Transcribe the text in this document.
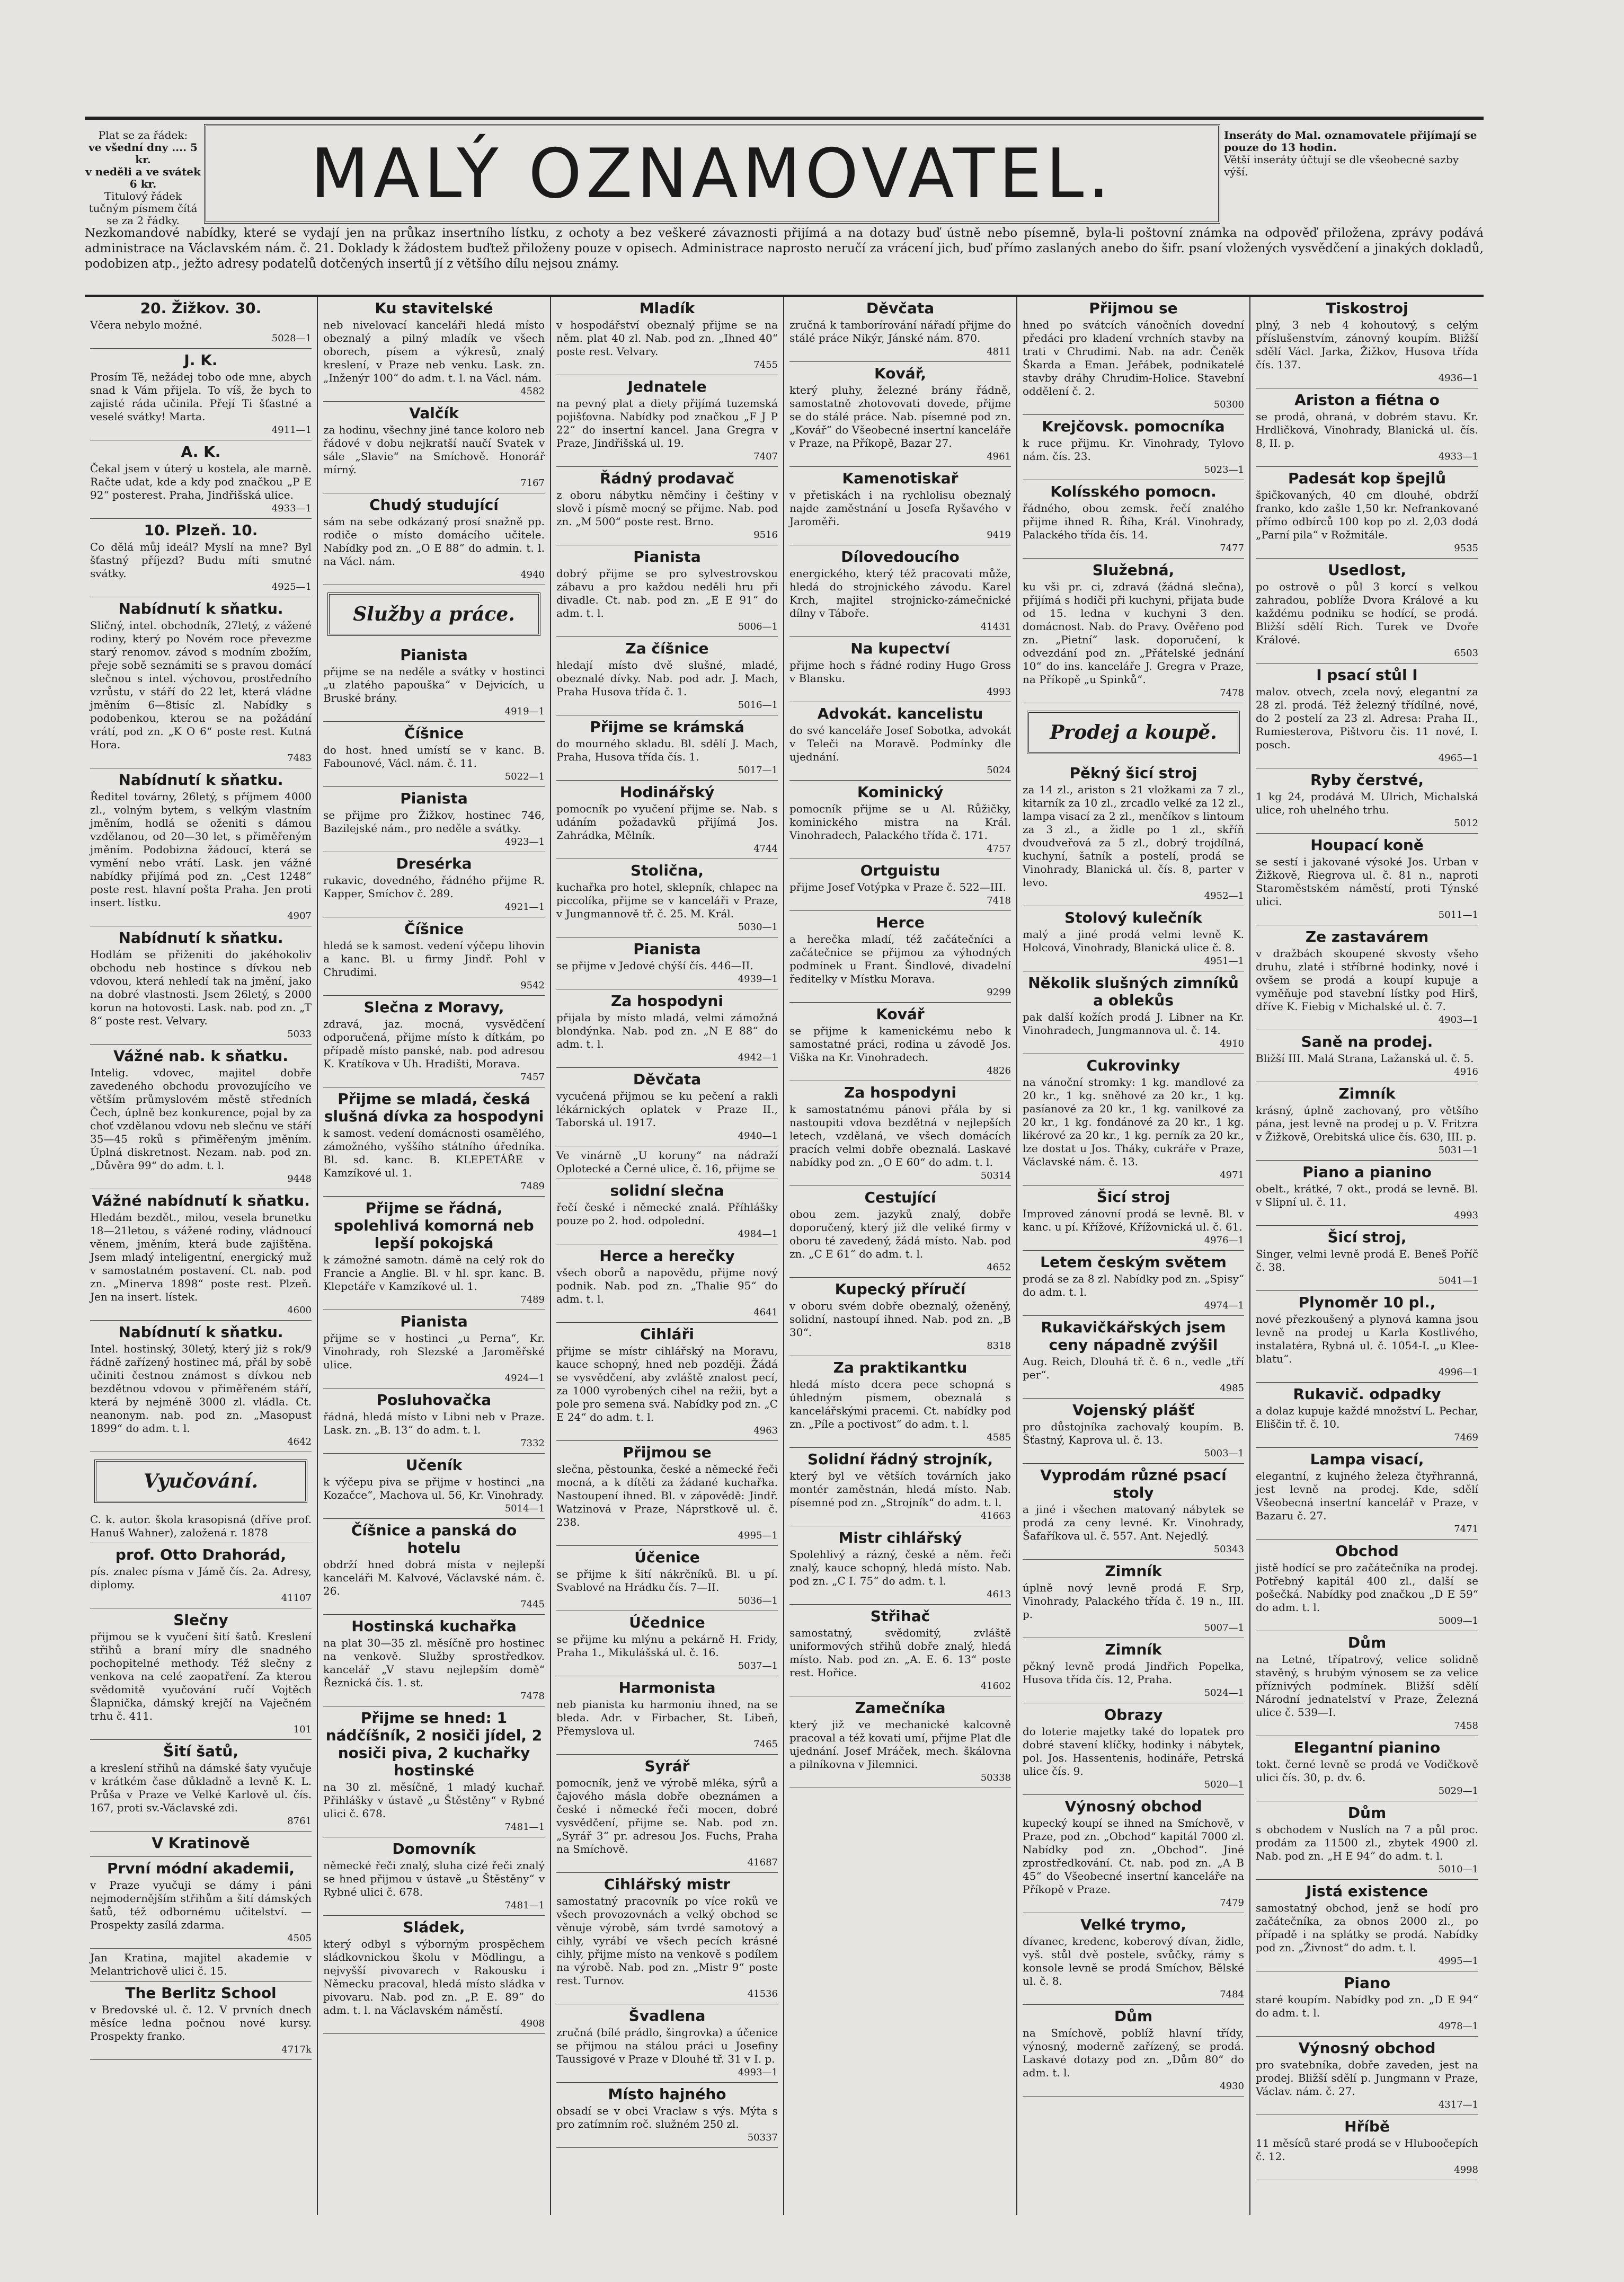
Plat se za řádek:
ve všední dny .... 5 kr.
v neděli a ve svátek 6 kr.
Titulový řádek tučným písmem čítá se za 2 řádky.
MALÝ OZNAMOVATEL.	Inseráty do Mal. oznamovatele přijímají se pouze do 13 hodin.
Větší inseráty účtují se dle všeobecné sazby výší.
Nezkomandové nabídky, které se vydají jen na průkaz insertního lístku, z ochoty a bez veškeré závaznosti přijímá a na dotazy buď ústně nebo písemně, byla-li poštovní známka na odpověď přiložena, zprávy podává administrace na Václavském nám. č. 21. Doklady k žádostem buďtež přiloženy pouze v opisech. Administrace naprosto neručí za vrácení jich, buď přímo zaslaných anebo do šifr. psaní vložených vysvědčení a jinakých dokladů, podobizen atp., ježto adresy podatelů dotčených insertů jí z většího dílu nejsou známy.
20. Žižkov. 30.

Včera nebylo možné.

5028—1
J. K.

Prosím Tě, nežádej tobo ode mne, abych snad k Vám přijela. To víš, že bych to zajisté ráda učinila. Přejí Ti šťastné a veselé svátky! Marta.

4911—1
A. K.

Čekal jsem v úterý u kostela, ale marně. Račte udat, kde a kdy pod značkou „P E 92“ posterest. Praha, Jindřišská ulice.

4933—1
10. Plzeň. 10.

Co dělá můj ideál? Myslí na mne? Byl šťastný příjezd? Budu míti smutné svátky.

4925—1
Nabídnutí k sňatku.

Sličný, intel. obchodník, 27letý, z vážené rodiny, který po Novém roce převezme starý renomov. závod s modním zbožím, přeje sobě seznámiti se s pravou domácí slečnou s intel. výchovou, prostředního vzrůstu, v stáří do 22 let, která vládne jměním 6—8tisíc zl. Nabídky s podobenkou, kterou se na požádání vrátí, pod zn. „K O 6“ poste rest. Kutná Hora.

7483
Nabídnutí k sňatku.

Ředitel továrny, 26letý, s příjmem 4000 zl., volným bytem, s velkým vlastním jměním, hodlá se oženiti s dámou vzdělanou, od 20—30 let, s přiměřeným jměním. Podobizna žádoucí, která se vymění nebo vrátí. Lask. jen vážné nabídky přijímá pod zn. „Cest 1248“ poste rest. hlavní pošta Praha. Jen proti insert. lístku.

4907
Nabídnutí k sňatku.

Hodlám se přiženiti do jakéhokoliv obchodu neb hostince s dívkou neb vdovou, která nehledí tak na jmění, jako na dobré vlastnosti. Jsem 26letý, s 2000 korun na hotovosti. Lask. nab. pod zn. „T 8“ poste rest. Velvary.

5033
Vážné nab. k sňatku.

Intelig. vdovec, majitel dobře zavedeného obchodu provozujícího ve větším průmyslovém městě středních Čech, úplně bez konkurence, pojal by za choť vzdělanou vdovu neb slečnu ve stáří 35—45 roků s přiměřeným jměním. Úplná diskretnost. Nezam. nab. pod zn. „Důvěra 99“ do adm. t. l.

9448
Vážné nabídnutí k sňatku.

Hledám bezdět., milou, vesela brunetku 18—21letou, s vážené rodiny, vládnoucí věnem, jměním, která bude zajištěna. Jsem mladý inteligentní, energický muž v samostatném postavení. Ct. nab. pod zn. „Minerva 1898“ poste rest. Plzeň. Jen na insert. lístek.

4600
Nabídnutí k sňatku.

Intel. hostinský, 30letý, který jiż s rok/9 řádně zařízený hostinec má, přál by sobě učiniti čestnou známost s dívkou neb bezdětnou vdovou v přiměřeném stáří, která by nejméně 3000 zl. vládla. Ct. neanonym. nab. pod zn. „Masopust 1899“ do adm. t. l.

4642
Vyučování.

C. k. autor. škola krasopisná (dříve prof. Hanuš Wahner), založená r. 1878

prof. Otto Drahorád,

pís. znalec písma v Jámě čís. 2a. Adresy, diplomy.

41107
Slečny

přijmou se k vyučení šití šatů. Kreslení střihů a braní míry dle snadného pochopitelné methody. Též slečny z venkova na celé zaopatření. Za kterou svědomitě vyučování ručí Vojtěch Šlapnička, dámský krejčí na Vaječném trhu č. 411.

101
Šití šatů,

a kreslení střihů na dámské šaty vyučuje v krátkém čase důkladně a levně K. L. Průša v Praze ve Velké Karlově ul. čís. 167, proti sv.-Václavské zdi.

8761
V Kratinově
První módní akademii,

v Praze vyučuji se dámy i páni nejmodernějším střihům a šití dámských šatů, též odbornému učitelství. — Prospekty zasílá zdarma.

4505

Jan Kratina, majitel akademie v Melantrichově ulici č. 15.

The Berlitz School

v Bredovské ul. č. 12. V prvních dnech měsíce ledna počnou nové kursy. Prospekty franko.

4717k
Ku stavitelské

neb nivelovací kanceláři hledá místo obeznalý a pilný mladík ve všech oborech, písem a výkresů, znalý kreslení, v Praze neb venku. Lask. zn. „Inženýr 100“ do adm. t. l. na Václ. nám.

4582
Valčík

za hodinu, všechny jiné tance koloro neb řádové v dobu nejkratší naučí Svatek v sále „Slavie“ na Smíchově. Honorář mírný.

7167
Chudý studující

sám na sebe odkázaný prosí snažně pp. rodiče o místo domácího učitele. Nabídky pod zn. „O E 88“ do admin. t. l. na Václ. nám.

4940
Služby a práce.
Pianista

přijme se na neděle a svátky v hostinci „u zlatého papouška“ v Dejvicích, u Bruské brány.

4919—1
Číšnice

do host. hned umístí se v kanc. B. Fabounové, Václ. nám. č. 11.

5022—1
Pianista

se přijme pro Žižkov, hostinec 746, Bazilejské nám., pro neděle a svátky.

4923—1
Dresérka

rukavic, dovedného, řádného přijme R. Kapper, Smíchov č. 289.

4921—1
Číšnice

hledá se k samost. vedení výčepu lihovin a kanc. Bl. u firmy Jindř. Pohl v Chrudimi.

9542
Slečna z Moravy,

zdravá, jaz. mocná, vysvědčení odporučená, přijme místo k dítkám, po případě místo panské, nab. pod adresou K. Kratíkova v Uh. Hradišti, Morava.

7457
Přijme se mladá, česká slušná dívka za hospodyni

k samost. vedení domácnosti osamělého, zámožného, vyššího státního úředníka. Bl. sd. kanc. B. KLEPETÁŘE v Kamzíkové ul. 1.

7489
Přijme se řádná, spolehlivá komorná neb lepší pokojská

k zámožné samotn. dámě na celý rok do Francie a Anglie. Bl. v hl. spr. kanc. B. Klepetáře v Kamzíkové ul. 1.

7489
Pianista

přijme se v hostinci „u Perna“, Kr. Vinohrady, roh Slezské a Jaroměřské ulice.

4924—1
Posluhovačka

řádná, hledá místo v Libni neb v Praze. Lask. zn. „B. 13“ do adm. t. l.

7332
Učeník

k výčepu piva se přijme v hostinci „na Kozačce“, Machova ul. 56, Kr. Vinohrady.

5014—1
Číšnice a panská do hotelu

obdrží hned dobrá místa v nejlepší kanceláři M. Kalvové, Václavské nám. č. 26.

7445
Hostinská kuchařka

na plat 30—35 zl. měsíčně pro hostinec na venkově. Služby sprostředkov. kancelář „V stavu nejlepším domě“ Řeznická čís. 1. st.

7478
Přijme se hned: 1 nádčíšník, 2 nosiči jídel, 2 nosiči piva, 2 kuchařky hostinské

na 30 zl. měsíčně, 1 mladý kuchař. Přihlášky v ústavě „u Štěstěny“ v Rybné ulici č. 678.

7481—1
Domovník

německé řeči znalý, sluha cizé řeči znalý se hned přijmou v ústavě „u Štěstěny“ v Rybné ulici č. 678.

7481—1
Sládek,

který odbyl s výborným prospěchem sládkovnickou školu v Mödlingu, a nejvyšší pivovarech v Rakousku i Německu pracoval, hledá místo sládka v pivovaru. Nab. pod zn. „P. E. 89“ do adm. t. l. na Václavském náměstí.

4908
Mladík

v hospodářství obeznalý přijme se na něm. plat 40 zl. Nab. pod zn. „Ihned 40“ poste rest. Velvary.

7455
Jednatele

na pevný plat a diety přijímá tuzemská pojišťovna. Nabídky pod značkou „F J P 22“ do insertní kancel. Jana Gregra v Praze, Jindřišská ul. 19.

7407
Řádný prodavač

z oboru nábytku němčiny i češtiny v slově i písmě mocný se přijme. Nab. pod zn. „M 500“ poste rest. Brno.

9516
Pianista

dobrý přijme se pro sylvestrovskou zábavu a pro každou neděli hru při divadle. Ct. nab. pod zn. „E E 91“ do adm. t. l.

5006—1
Za číšnice

hledají místo dvě slušné, mladé, obeznalé dívky. Nab. pod adr. J. Mach, Praha Husova třída č. 1.

5016—1
Přijme se krámská

do mourného skladu. Bl. sdělí J. Mach, Praha, Husova třída čís. 1.

5017—1
Hodinářský

pomocník po vyučení přijme se. Nab. s udáním požadavků přijímá Jos. Zahrádka, Mělník.

4744
Stolična,

kuchařka pro hotel, sklepník, chlapec na piccolíka, přijme se v kanceláři v Praze, v Jungmannově tř. č. 25. M. Král.

5030—1
Pianista

se přijme v Jedové chýší čís. 446—II.

4939—1
Za hospodyni

přijala by místo mladá, velmi zámožná blondýnka. Nab. pod zn. „N E 88“ do adm. t. l.

4942—1
Děvčata

vycučená přijmou se ku pečení a rakli lékárnických oplatek v Praze II., Taborská ul. 1917.

4940—1

Ve vinárně „U koruny“ na nádraží Oplotecké a Černé ulice, č. 16, přijme se

solidní slečna

řečí české i německé znalá. Příhlášky pouze po 2. hod. odpolední.

4984—1
Herce a herečky

všech oborů a napovědu, přijme nový podnik. Nab. pod zn. „Thalie 95“ do adm. t. l.

4641
Cihláři

přijme se místr cihlářský na Moravu, kauce schopný, hned neb později. Žádá se vysvědčení, aby zvláště znalost pecí, za 1000 vyrobených cihel na režii, byt a pole pro semena svá. Nabídky pod zn. „C E 24“ do adm. t. l.

4963
Přijmou se

slečna, pěstounka, české a německé řeči mocná, a k dítěti za žádané kuchařka. Nastoupení ihned. Bl. v zápovědě: Jindř. Watzinová v Praze, Náprstkově ul. č. 238.

4995—1
Účenice

se přijme k šití nákrčníků. Bl. u pí. Svablové na Hrádku čís. 7—II.

5036—1
Účednice

se přijme ku mlýnu a pekárně H. Fridy, Praha 1., Mikulášská ul. č. 16.

5037—1
Harmonista

neb pianista ku harmoniu ihned, na se bleda. Adr. v Firbacher, St. Libeň, Přemyslova ul.

7465
Syrář

pomocník, jenž ve výrobě mléka, sýrů a čajového másla dobře obeznámen a české i německé řeči mocen, dobré vysvědčení, přijme se. Nab. pod zn. „Syrář 3“ pr. adresou Jos. Fuchs, Praha na Smíchově.

41687
Cihlářský mistr

samostatný pracovník po více roků ve všech provozovnách a velký obchod se věnuje výrobě, sám tvrdé samotový a cihly, vyrábí ve všech pecích krásné cihly, přijme místo na venkově s podílem na výrobě. Nab. pod zn. „Mistr 9“ poste rest. Turnov.

41536
Švadlena

zručná (bílé prádlo, šingrovka) a účenice se přijmou na stálou práci u Josefiny Taussigové v Praze v Dlouhé tř. 31 v I. p.

4993—1
Místo hajného

obsadí se v obci Vracław s výs. Mýta s pro zatímním roč. služném 250 zl.

50337
Děvčata

zručná k tamborírování nářadí přijme do stálé práce Nikýr, Jánské nám. 870.

4811
Kovář,

který pluhy, železné brány řádně, samostatně zhotovovati dovede, přijme se do stálé práce. Nab. písemné pod zn. „Kovář“ do Všeobecné insertní kanceláře v Praze, na Příkopě, Bazar 27.

4961
Kamenotiskař

v přetiskách i na rychlolisu obeznalý najde zaměstnání u Josefa Ryšavého v Jaroměři.

9419
Dílovedoucího

energického, který též pracovati může, hledá do strojnického závodu. Karel Krch, majitel strojnicko-zámečnické dílny v Táboře.

41431
Na kupectví

přijme hoch s řádné rodiny Hugo Gross v Blansku.

4993
Advokát. kancelistu

do své kanceláře Josef Sobotka, advokát v Teleči na Moravě. Podmínky dle ujednání.

5024
Kominický

pomocník přijme se u Al. Růžičky, kominického mistra na Král. Vinohradech, Palackého třída č. 171.

4757
Ortguistu

přijme Josef Votýpka v Praze č. 522—III.

7418
Herce

a herečka mladí, též začátečníci a začátečnice se přijmou za výhodných podmínek u Frant. Šindlové, divadelní ředitelky v Místku Morava.

9299
Kovář

se přijme k kamenickému nebo k samostatné práci, rodina u závodě Jos. Viška na Kr. Vinohradech.

4826
Za hospodyni

k samostatnému pánovi přála by si nastoupiti vdova bezdětná v nejlepších letech, vzdělaná, ve všech domácích pracích velmi dobře obeznalá. Laskavé nabídky pod zn. „O E 60“ do adm. t. l.

50314
Cestující

obou zem. jazyků znalý, dobře doporučený, který již dle veliké firmy v oboru té zavedený, žádá místo. Nab. pod zn. „C E 61“ do adm. t. l.

4652
Kupecký příručí

v oboru svém dobře obeznalý, oženěný, solidní, nastoupí ihned. Nab. pod zn. „B 30“.

8318
Za praktikantku

hledá místo dcera pece schopná s úhledným písmem, obeznalá s kancelářskými pracemi. Ct. nabídky pod zn. „Píle a poctivost“ do adm. t. l.

4585
Solidní řádný strojník,

který byl ve větších továrních jako montér zaměstnán, hledá místo. Nab. písemné pod zn. „Strojník“ do adm. t. l.

41663
Mistr cihlářský

Spolehlivý a rázný, české a něm. řeči znalý, kauce schopný, hledá místo. Nab. pod zn. „C I. 75“ do adm. t. l.

4613
Střihač

samostatný, svědomitý, zvláště uniformových střihů dobře znalý, hledá místo. Nab. pod zn. „A. E. 6. 13“ poste rest. Hořice.

41602
Zamečníka

který již ve mechanické kalcovně pracoval a též kovati umí, přijme Plat dle ujednání. Josef Mráček, mech. škálovna a pilníkovna v Jilemnici.

50338
Přijmou se

hned po svátcích vánočních dovední předáci pro kladení vrchních stavby na trati v Chrudimi. Nab. na adr. Čeněk Škarda a Eman. Jeřábek, podnikatelé stavby dráhy Chrudim-Holice. Stavební oddělení č. 2.

50300
Krejčovsk. pomocníka

k ruce přijmu. Kr. Vinohrady, Tylovo nám. čís. 23.

5023—1
Kolísského pomocn.

řádného, obou zemsk. řečí znalého přijme ihned R. Říha, Král. Vinohrady, Palackého třída čís. 14.

7477
Služebná,

ku vši pr. ci, zdravá (žádná slečna), přijímá s hodiči při kuchyni, přijata bude od 15. ledna v kuchyni 3 den. domácnost. Nab. do Pravy. Ověřeno pod zn. „Pietní“ lask. doporučení, k odvezdání pod zn. „Přátelské jednání 10“ do ins. kanceláře J. Gregra v Praze, na Příkopě „u Spinků“.

7478
Prodej a koupě.
Pěkný šicí stroj

za 14 zl., ariston s 21 vložkami za 7 zl., kitarník za 10 zl., zrcadlo velké za 12 zl., lampa visací za 2 zl., menčíkov s lintoum za 3 zl., a židle po 1 zl., skříň dvoudveřová za 5 zl., dobrý trojdílná, kuchyní, šatník a postelí, prodá se Vinohrady, Blanická ul. čís. 8, parter v levo.

4952—1
Stolový kulečník

malý a jiné prodá velmi levně K. Holcová, Vinohrady, Blanická ulice č. 8.

4951—1
Několik slušných zimníků a oblekůs

pak další kožích prodá J. Libner na Kr. Vinohradech, Jungmannova ul. č. 14.

4910
Cukrovinky

na vánoční stromky: 1 kg. mandlové za 20 kr., 1 kg. sněhové za 20 kr., 1 kg. pasíanové za 20 kr., 1 kg. vanilkové za 20 kr., 1 kg. fondánové za 20 kr., 1 kg. likérové za 20 kr., 1 kg. perník za 20 kr., lze dostat u Jos. Tháky, cukráře v Praze, Václavské nám. č. 13.

4971
Šicí stroj

Improved zánovní prodá se levně. Bl. v kanc. u pí. Křížové, Křížovnická ul. č. 61.

4976—1
Letem českým světem

prodá se za 8 zl. Nabídky pod zn. „Spisy“ do adm. t. l.

4974—1
Rukavičkářských jsem ceny nápadně zvýšil

Aug. Reich, Dlouhá tř. č. 6 n., vedle „tří per“.

4985
Vojenský plášť

pro důstojníka zachovalý koupím. B. Šťastný, Kaprova ul. č. 13.

5003—1
Vyprodám různé psací stoly

a jiné i všechen matovaný nábytek se prodá za ceny levné. Kr. Vinohrady, Šafaříkova ul. č. 557. Ant. Nejedlý.

50343
Zimník

úplně nový levně prodá F. Srp, Vinohrady, Palackého třída č. 19 n., III. p.

5007—1
Zimník

pěkný levně prodá Jindřich Popelka, Husova třída čís. 12, Praha.

5024—1
Obrazy

do loterie majetky také do lopatek pro dobré stavení klíčky, hodinky i nábytek, pol. Jos. Hassentenis, hodináře, Petrská ulice čís. 9.

5020—1
Výnosný obchod

kupecký koupí se ihned na Smíchově, v Praze, pod zn. „Obchod“ kapitál 7000 zl. Nabídky pod zn. „Obchod“. Jiné zprostředkování. Ct. nab. pod zn. „A B 45“ do Všeobecné insertní kanceláře na Příkopě v Praze.

7479
Velké trymo,

dívanec, kredenc, koberový dívan, židle, vyš. stůl dvě postele, svůčky, rámy s konsole levně se prodá Smíchov, Bělské ul. č. 8.

7484
Dům

na Smíchově, poblíž hlavní třídy, výnosný, moderně zařízený, se prodá. Laskavé dotazy pod zn. „Dům 80“ do adm. t. l.

4930
Tiskostroj

plný, 3 neb 4 kohoutový, s celým příslušenstvím, zánovný koupím. Bližší sdělí Václ. Jarka, Žižkov, Husova třída čís. 137.

4936—1
Ariston a fiétna o

se prodá, ohraná, v dobrém stavu. Kr. Hrdličková, Vinohrady, Blanická ul. čís. 8, II. p.

4933—1
Padesát kop špejlů

špičkovaných, 40 cm dlouhé, obdrží franko, kdo zašle 1,50 kr. Nefrankované přímo odbírců 100 kop po zl. 2,03 dodá „Parní pila“ v Rožmitále.

9535
Usedlost,

po ostrově o půl 3 korcí s velkou zahradou, poblíže Dvora Králové a ku každému podniku se hodící, se prodá. Bližší sdělí Rich. Turek ve Dvoře Králové.

6503
I psací stůl I

malov. otvech, zcela nový, elegantní za 28 zl. prodá. Též železný třídílné, nové, do 2 postelí za 23 zl. Adresa: Praha II., Rumiesterova, Pištvoru čis. 11 nové, I. posch.

4965—1
Ryby čerstvé,

1 kg 24, prodává M. Ulrich, Michalská ulice, roh uhelného trhu.

5012
Houpací koně

se sestí i jakované výsoké Jos. Urban v Žižkově, Riegrova ul. č. 81 n., naproti Staroměstském náměstí, proti Týnské ulici.

5011—1
Ze zastavárem

v dražbách skoupené skvosty všeho druhu, zlaté i stříbrné hodinky, nové i ovšem se prodá a koupí kupuje a vyměňuje pod stavební lístky pod Hirš, dříve K. Fiebig v Michalské ul. č. 7.

4903—1
Saně na prodej.

Bližší III. Malá Strana, Lažanská ul. č. 5.

4916
Zimník

krásný, úplně zachovaný, pro většího pána, jest levně na prodej u p. V. Fritzra v Žižkově, Orebitská ulice čís. 630, III. p.

5031—1
Piano a pianino

obelt., krátké, 7 okt., prodá se levně. Bl. v Slipní ul. č. 11.

4993
Šicí stroj,

Singer, velmi levně prodá E. Beneš Poříč č. 38.

5041—1
Plynoměr 10 pl.,

nové přezkoušený a plynová kamna jsou levně na prodej u Karla Kostlivého, instalatéra, Rybná ul. č. 1054-I. „u Kleeblatu“.

4996—1
Rukavič. odpadky

a dolaz kupuje každé množství L. Pechar, Eliščin tř. č. 10.

7469
Lampa visací,

elegantní, z kujného železa čtyřhranná, jest levně na prodej. Kde, sdělí Všeobecná insertní kancelář v Praze, v Bazaru č. 27.

7471
Obchod

jistě hodící se pro začátečníka na prodej. Potřebný kapitál 400 zl., další se pošečká. Nabídky pod značkou „D E 59“ do adm. t. l.

5009—1
Dům

na Letné, třípatrový, velice solidně stavěný, s hrubým výnosem se za velice příznivých podmínek. Bližší sdělí Národní jednatelství v Praze, Železná ulice č. 539—I.

7458
Elegantní pianino

tokt. černé levně se prodá ve Vodičkově ulici čís. 30, p. dv. 6.

5029—1
Dům

s obchodem v Nuslích na 7 a půl proc. prodám za 11500 zl., zbytek 4900 zl. Nab. pod zn. „H E 94“ do adm. t. l.

5010—1
Jistá existence

samostatný obchod, jenž se hodí pro začátečníka, za obnos 2000 zl., po případě i na splátky se prodá. Nabídky pod zn. „Živnost“ do adm. t. l.

4995—1
Piano

staré koupím. Nabídky pod zn. „D E 94“ do adm. t. l.

4978—1
Výnosný obchod

pro svatebníka, dobře zaveden, jest na prodej. Bližší sdělí p. Jungmann v Praze, Václav. nám. č. 27.

4317—1
Hříbě

11 měsíců staré prodá se v Hluboočepích č. 12.

4998
